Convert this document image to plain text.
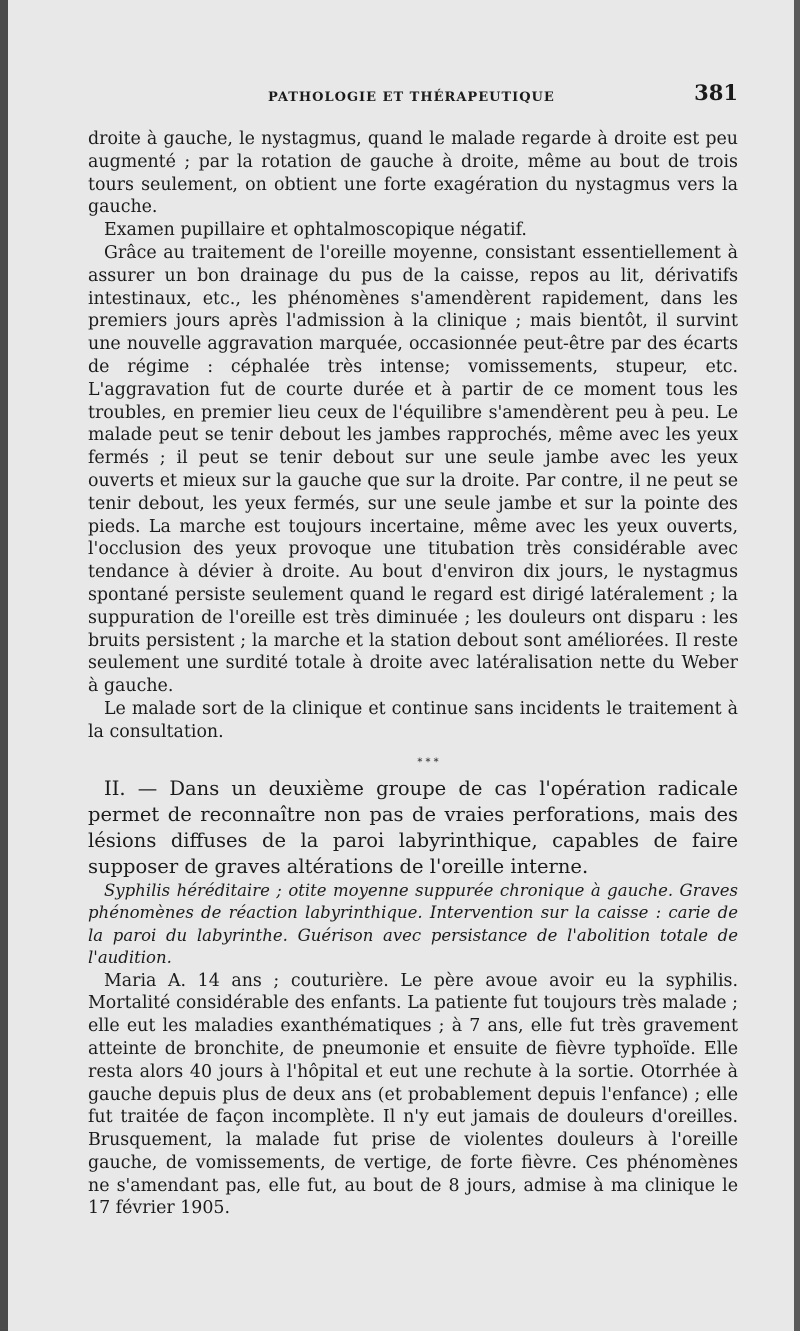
PATHOLOGIE ET THÉRAPEUTIQUE	381

droite à gauche, le nystagmus, quand le malade regarde à droite est peu augmenté ; par la rotation de gauche à droite, même au bout de trois tours seulement, on obtient une forte exagération du nystagmus vers la gauche.

Examen pupillaire et ophtalmoscopique négatif.

Grâce au traitement de l'oreille moyenne, consistant essentiellement à assurer un bon drainage du pus de la caisse, repos au lit, dérivatifs intestinaux, etc., les phénomènes s'amendèrent rapidement, dans les premiers jours après l'admission à la clinique ; mais bientôt, il survint une nouvelle aggravation marquée, occasionnée peut-être par des écarts de régime : céphalée très intense; vomissements, stupeur, etc. L'aggravation fut de courte durée et à partir de ce moment tous les troubles, en premier lieu ceux de l'équilibre s'amendèrent peu à peu. Le malade peut se tenir debout les jambes rapprochés, même avec les yeux fermés ; il peut se tenir debout sur une seule jambe avec les yeux ouverts et mieux sur la gauche que sur la droite. Par contre, il ne peut se tenir debout, les yeux fermés, sur une seule jambe et sur la pointe des pieds. La marche est toujours incertaine, même avec les yeux ouverts, l'occlusion des yeux provoque une titubation très considérable avec tendance à dévier à droite. Au bout d'environ dix jours, le nystagmus spontané persiste seulement quand le regard est dirigé latéralement ; la suppuration de l'oreille est très diminuée ; les douleurs ont disparu : les bruits persistent ; la marche et la station debout sont améliorées. Il reste seulement une surdité totale à droite avec latéralisation nette du Weber à gauche.

Le malade sort de la clinique et continue sans incidents le traitement à la consultation.

* * *

II. — Dans un deuxième groupe de cas l'opération radicale permet de reconnaître non pas de vraies perforations, mais des lésions diffuses de la paroi labyrinthique, capables de faire supposer de graves altérations de l'oreille interne.

Syphilis héréditaire ; otite moyenne suppurée chronique à gauche. Graves phénomènes de réaction labyrinthique. Intervention sur la caisse : carie de la paroi du labyrinthe. Guérison avec persistance de l'abolition totale de l'audition.

Maria A. 14 ans ; couturière. Le père avoue avoir eu la syphilis. Mortalité considérable des enfants. La patiente fut toujours très malade ; elle eut les maladies exanthématiques ; à 7 ans, elle fut très gravement atteinte de bronchite, de pneumonie et ensuite de fièvre typhoïde. Elle resta alors 40 jours à l'hôpital et eut une rechute à la sortie. Otorrhée à gauche depuis plus de deux ans (et probablement depuis l'enfance) ; elle fut traitée de façon incomplète. Il n'y eut jamais de douleurs d'oreilles. Brusquement, la malade fut prise de violentes douleurs à l'oreille gauche, de vomissements, de vertige, de forte fièvre. Ces phénomènes ne s'amendant pas, elle fut, au bout de 8 jours, admise à ma clinique le 17 février 1905.
